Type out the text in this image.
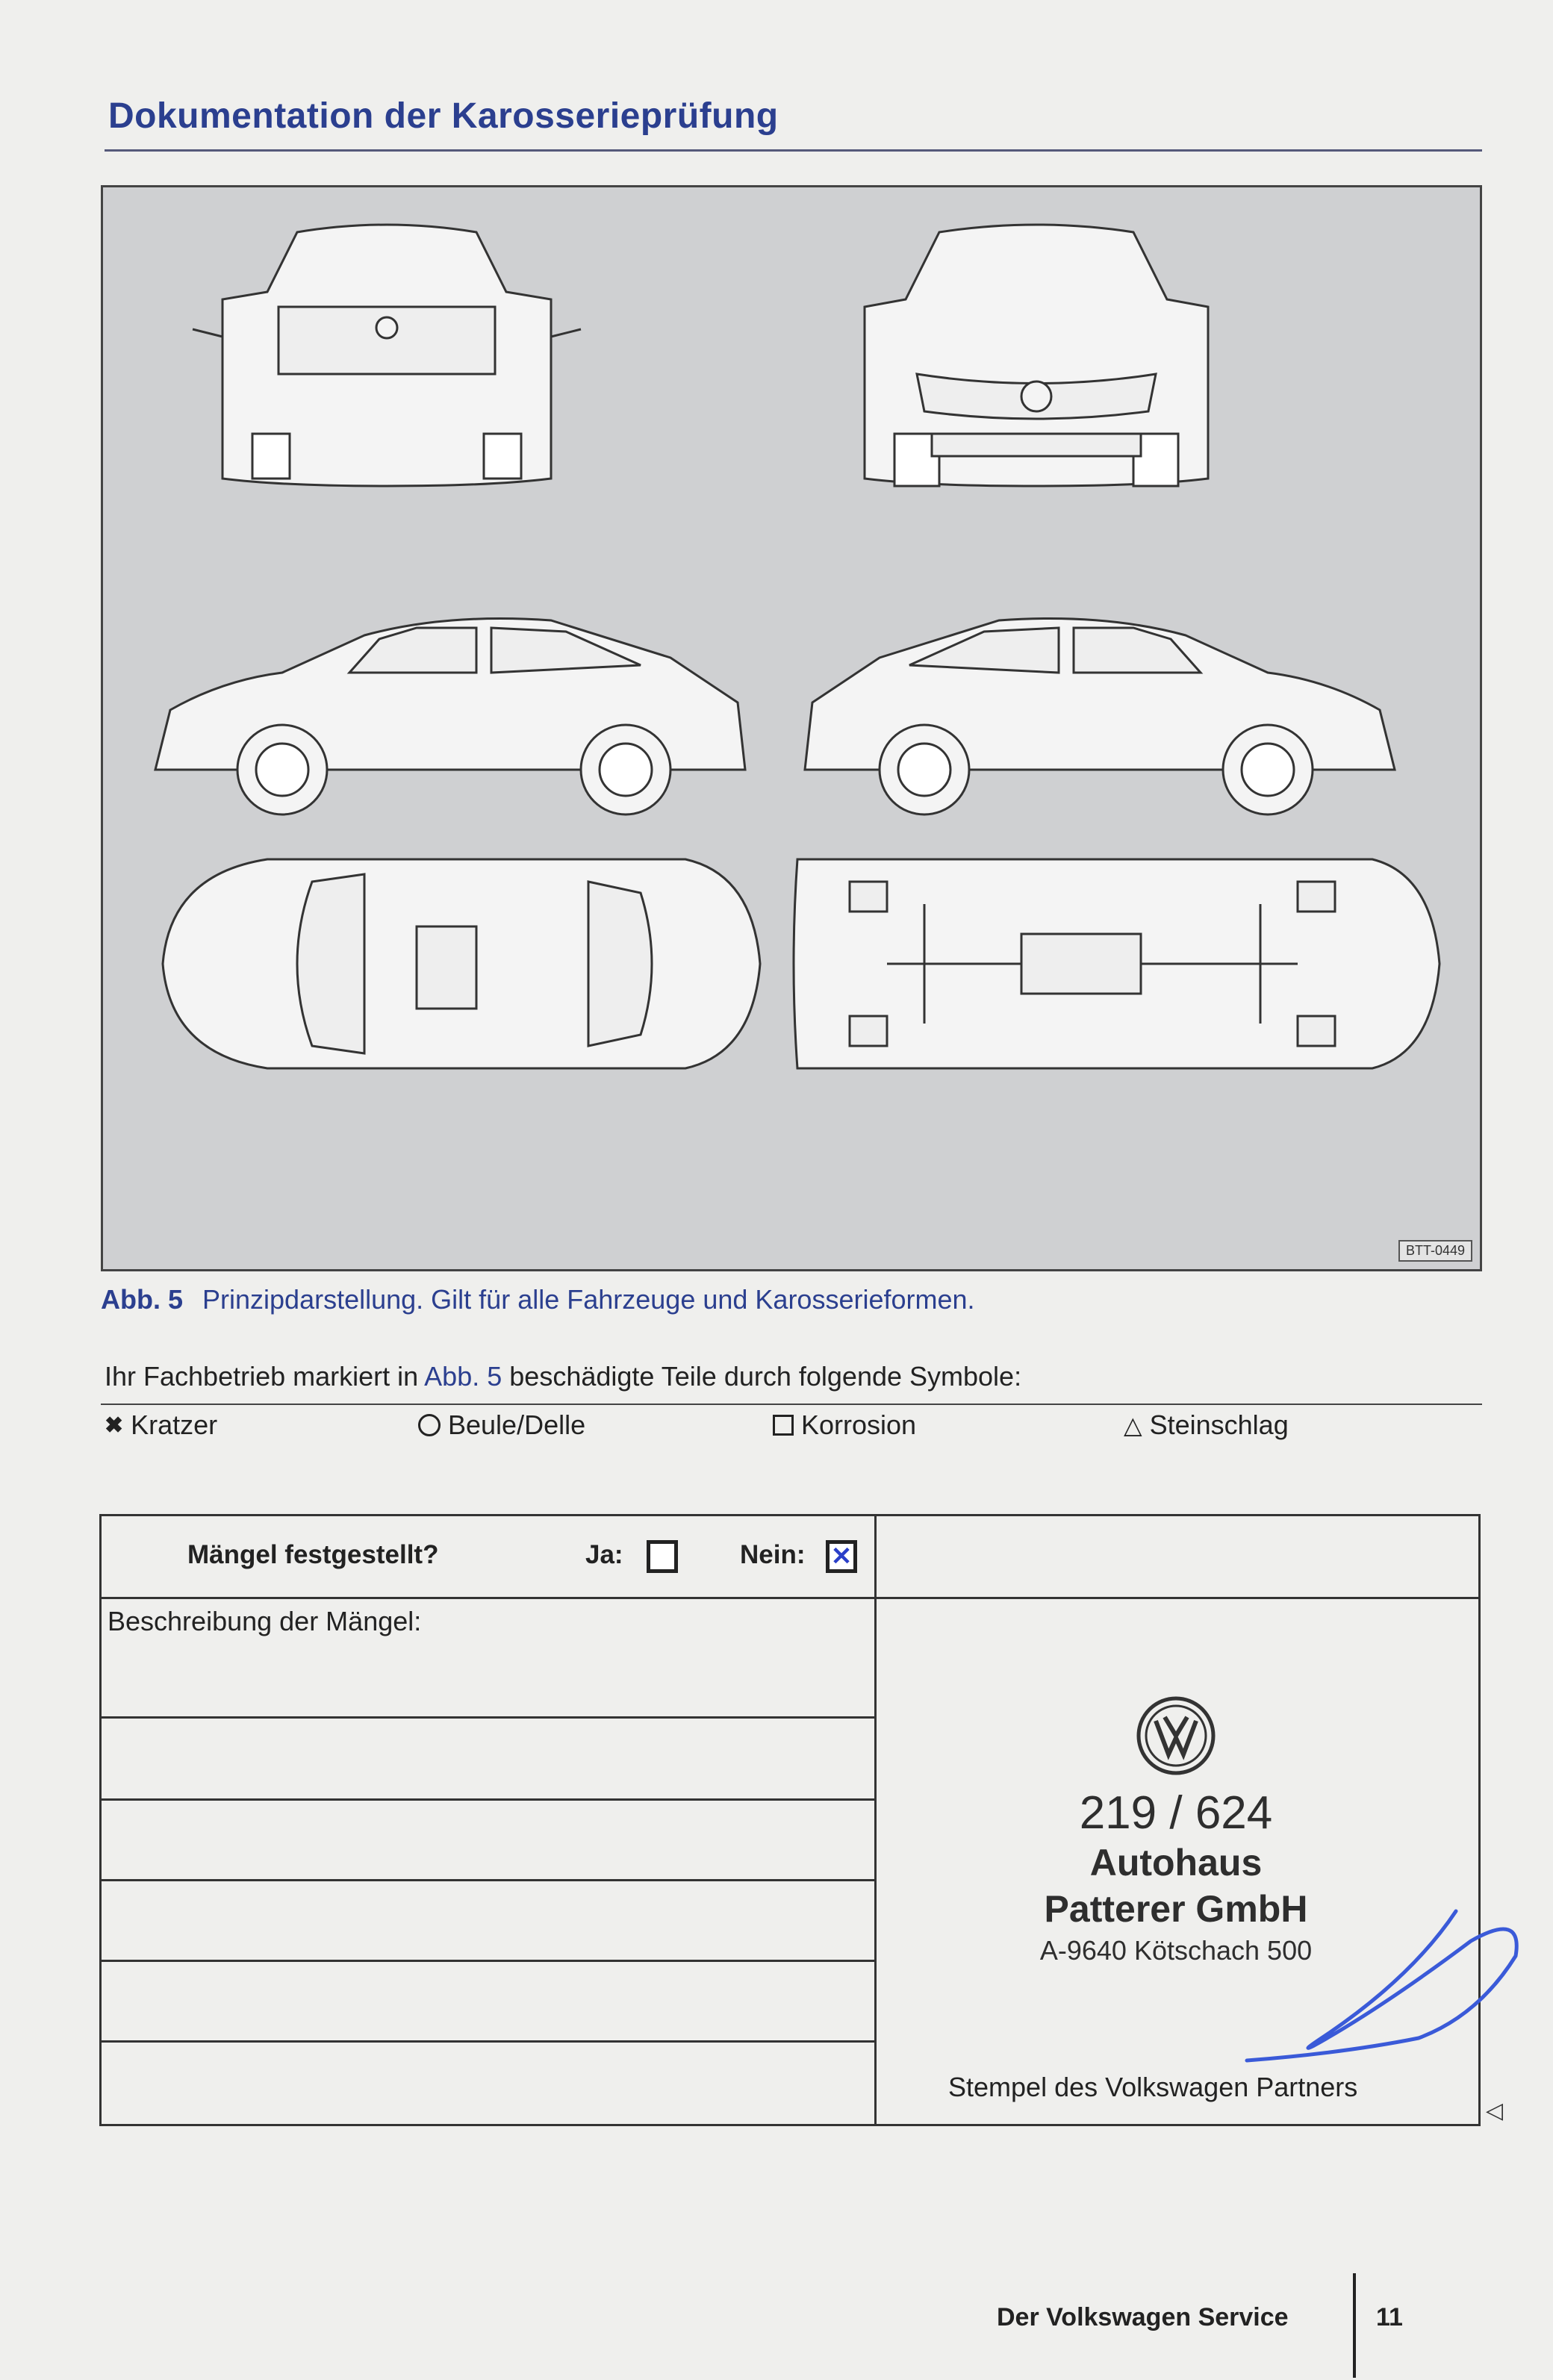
Dokumentation der Karosserieprüfung
BTT-0449
Abb. 5 Prinzipdarstellung. Gilt für alle Fahrzeuge und Karosserieformen.
Ihr Fachbetrieb markiert in Abb. 5 beschädigte Teile durch folgende Symbole:
✖ Kratzer	Beule/Delle	Korrosion	△ Steinschlag
Mängel festgestellt?	Ja:	Nein: ✕
Beschreibung der Mängel:
219 / 624
Autohaus
Patterer GmbH
A-9640 Kötschach 500
Stempel des Volkswagen Partners
◁
Der Volkswagen Service	11
